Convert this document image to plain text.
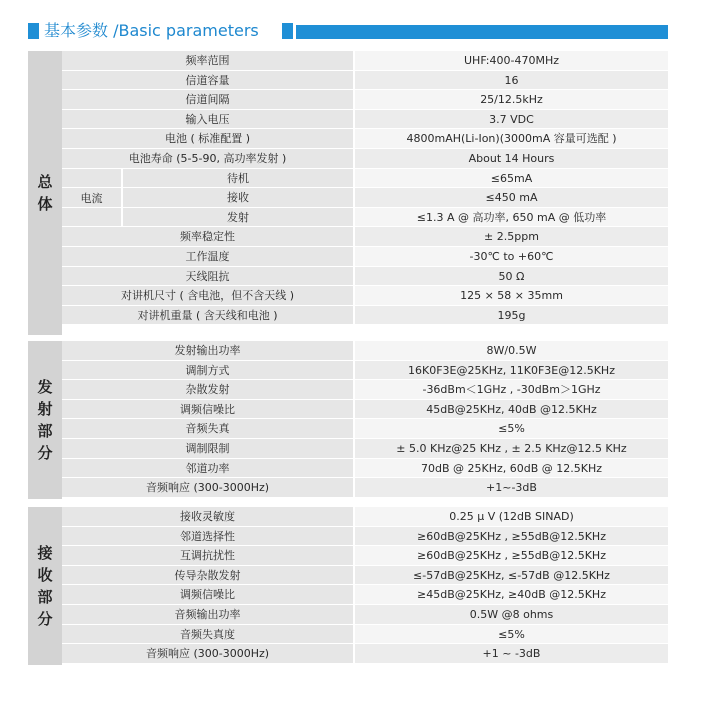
基本参数 /Basic parameters
总体
频率范围	UHF:400-470MHz
信道容量	16
信道间隔	25/12.5kHz
输入电压	3.7 VDC
电池 ( 标准配置 )	4800mAH(Li-Ion)(3000mA 容量可选配 )
电池寿命 (5-5-90, 高功率发射 )	About 14 Hours
电流
待机	≤65mA
接收	≤450 mA
发射	≤1.3 A @ 高功率, 650 mA @ 低功率
频率稳定性	± 2.5ppm
工作温度	-30℃ to +60℃
天线阻抗	50 Ω
对讲机尺寸 ( 含电池，但不含天线 )	125 × 58 × 35mm
对讲机重量 ( 含天线和电池 )	195g
发射部分
发射输出功率	8W/0.5W
调制方式	16K0F3E@25KHz, 11K0F3E@12.5KHz
杂散发射	-36dBm＜1GHz , -30dBm＞1GHz
调频信噪比	45dB@25KHz, 40dB @12.5KHz
音频失真	≤5%
调制限制	± 5.0 KHz@25 KHz , ± 2.5 KHz@12.5 KHz
邻道功率	70dB @ 25KHz, 60dB @ 12.5KHz
音频响应 (300-3000Hz)	+1~-3dB
接收部分
接收灵敏度	0.25 μ V (12dB SINAD)
邻道选择性	≥60dB@25KHz , ≥55dB@12.5KHz
互调抗扰性	≥60dB@25KHz , ≥55dB@12.5KHz
传导杂散发射	≤-57dB@25KHz, ≤-57dB @12.5KHz
调频信噪比	≥45dB@25KHz, ≥40dB @12.5KHz
音频输出功率	0.5W @8 ohms
音频失真度	≤5%
音频响应 (300-3000Hz)	+1 ~ -3dB
